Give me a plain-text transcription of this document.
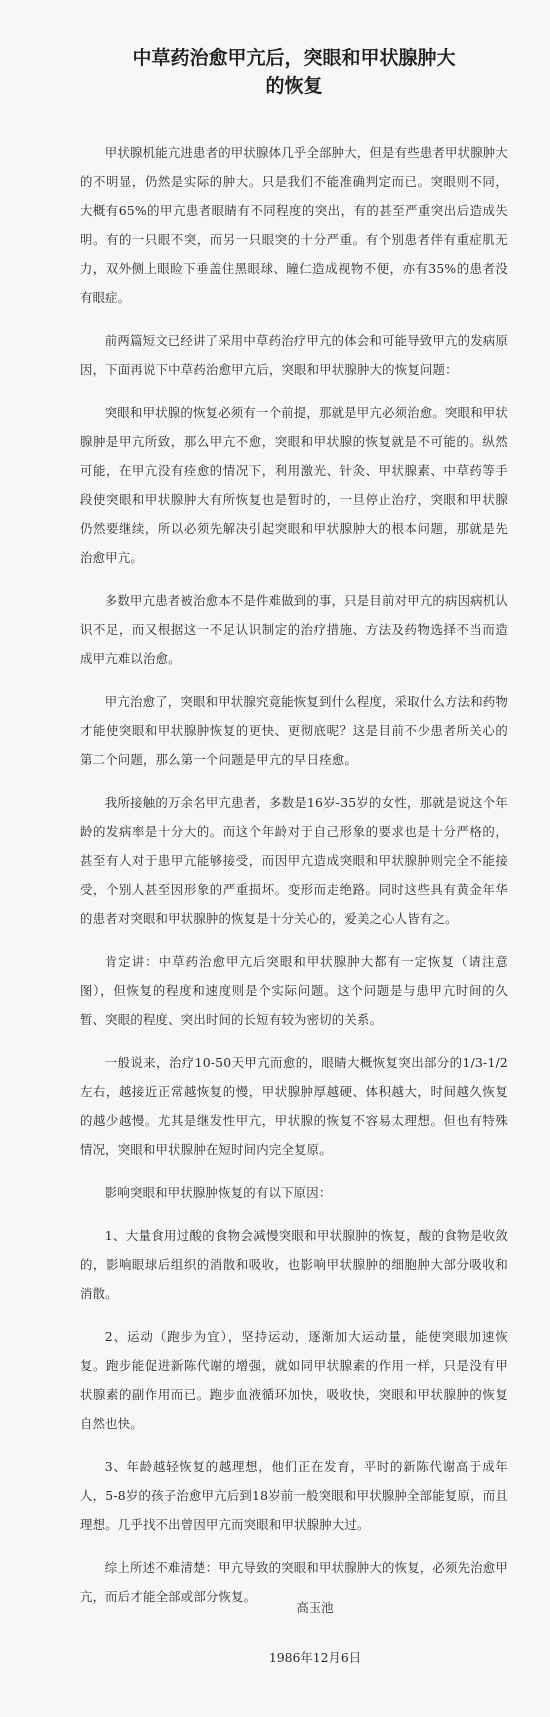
中草药治愈甲亢后，突眼和甲状腺肿大
的恢复

甲状腺机能亢进患者的甲状腺体几乎全部肿大，但是有些患者甲状腺肿大的不明显，仍然是实际的肿大。只是我们不能准确判定而已。突眼则不同，大概有65%的甲亢患者眼睛有不同程度的突出，有的甚至严重突出后造成失明。有的一只眼不突，而另一只眼突的十分严重。有个别患者伴有重症肌无力，双外侧上眼睑下垂盖住黑眼球、瞳仁造成视物不便，亦有35%的患者没有眼症。

前两篇短文已经讲了采用中草药治疗甲亢的体会和可能导致甲亢的发病原因，下面再说下中草药治愈甲亢后，突眼和甲状腺肿大的恢复问题：

突眼和甲状腺的恢复必须有一个前提，那就是甲亢必须治愈。突眼和甲状腺肿是甲亢所致，那么甲亢不愈，突眼和甲状腺的恢复就是不可能的。纵然可能，在甲亢没有痊愈的情况下，利用激光、针灸、甲状腺素、中草药等手段使突眼和甲状腺肿大有所恢复也是暂时的，一旦停止治疗，突眼和甲状腺仍然要继续，所以必须先解决引起突眼和甲状腺肿大的根本问题，那就是先治愈甲亢。

多数甲亢患者被治愈本不是件难做到的事，只是目前对甲亢的病因病机认识不足，而又根据这一不足认识制定的治疗措施、方法及药物选择不当而造成甲亢难以治愈。

甲亢治愈了，突眼和甲状腺究竟能恢复到什么程度，采取什么方法和药物才能使突眼和甲状腺肿恢复的更快、更彻底呢？这是目前不少患者所关心的第二个问题，那么第一个问题是甲亢的早日痊愈。

我所接触的万余名甲亢患者，多数是16岁-35岁的女性，那就是说这个年龄的发病率是十分大的。而这个年龄对于自己形象的要求也是十分严格的，甚至有人对于患甲亢能够接受，而因甲亢造成突眼和甲状腺肿则完全不能接受，个别人甚至因形象的严重损坏。变形而走绝路。同时这些具有黄金年华的患者对突眼和甲状腺肿的恢复是十分关心的，爱美之心人皆有之。

肯定讲：中草药治愈甲亢后突眼和甲状腺肿大都有一定恢复（请注意图），但恢复的程度和速度则是个实际问题。这个问题是与患甲亢时间的久暂、突眼的程度、突出时间的长短有较为密切的关系。

一般说来，治疗10-50天甲亢而愈的，眼睛大概恢复突出部分的1/3-1/2左右，越接近正常越恢复的慢，甲状腺肿厚越硬、体积越大，时间越久恢复的越少越慢。尤其是继发性甲亢，甲状腺的恢复不容易太理想。但也有特殊情况，突眼和甲状腺肿在短时间内完全复原。

影响突眼和甲状腺肿恢复的有以下原因：

1、大量食用过酸的食物会减慢突眼和甲状腺肿的恢复，酸的食物是收敛的，影响眼球后组织的消散和吸收，也影响甲状腺肿的细胞肿大部分吸收和消散。

2、运动（跑步为宜），坚持运动，逐渐加大运动量，能使突眼加速恢复。跑步能促进新陈代谢的增强，就如同甲状腺素的作用一样，只是没有甲状腺素的副作用而已。跑步血液循环加快，吸收快，突眼和甲状腺肿的恢复自然也快。

3、年龄越轻恢复的越理想，他们正在发育，平时的新陈代谢高于成年人，5-8岁的孩子治愈甲亢后到18岁前一般突眼和甲状腺肿全部能复原，而且理想。几乎找不出曾因甲亢而突眼和甲状腺肿大过。

综上所述不难清楚：甲亢导致的突眼和甲状腺肿大的恢复，必须先治愈甲亢，而后才能全部或部分恢复。

高玉池
1986年12月6日
